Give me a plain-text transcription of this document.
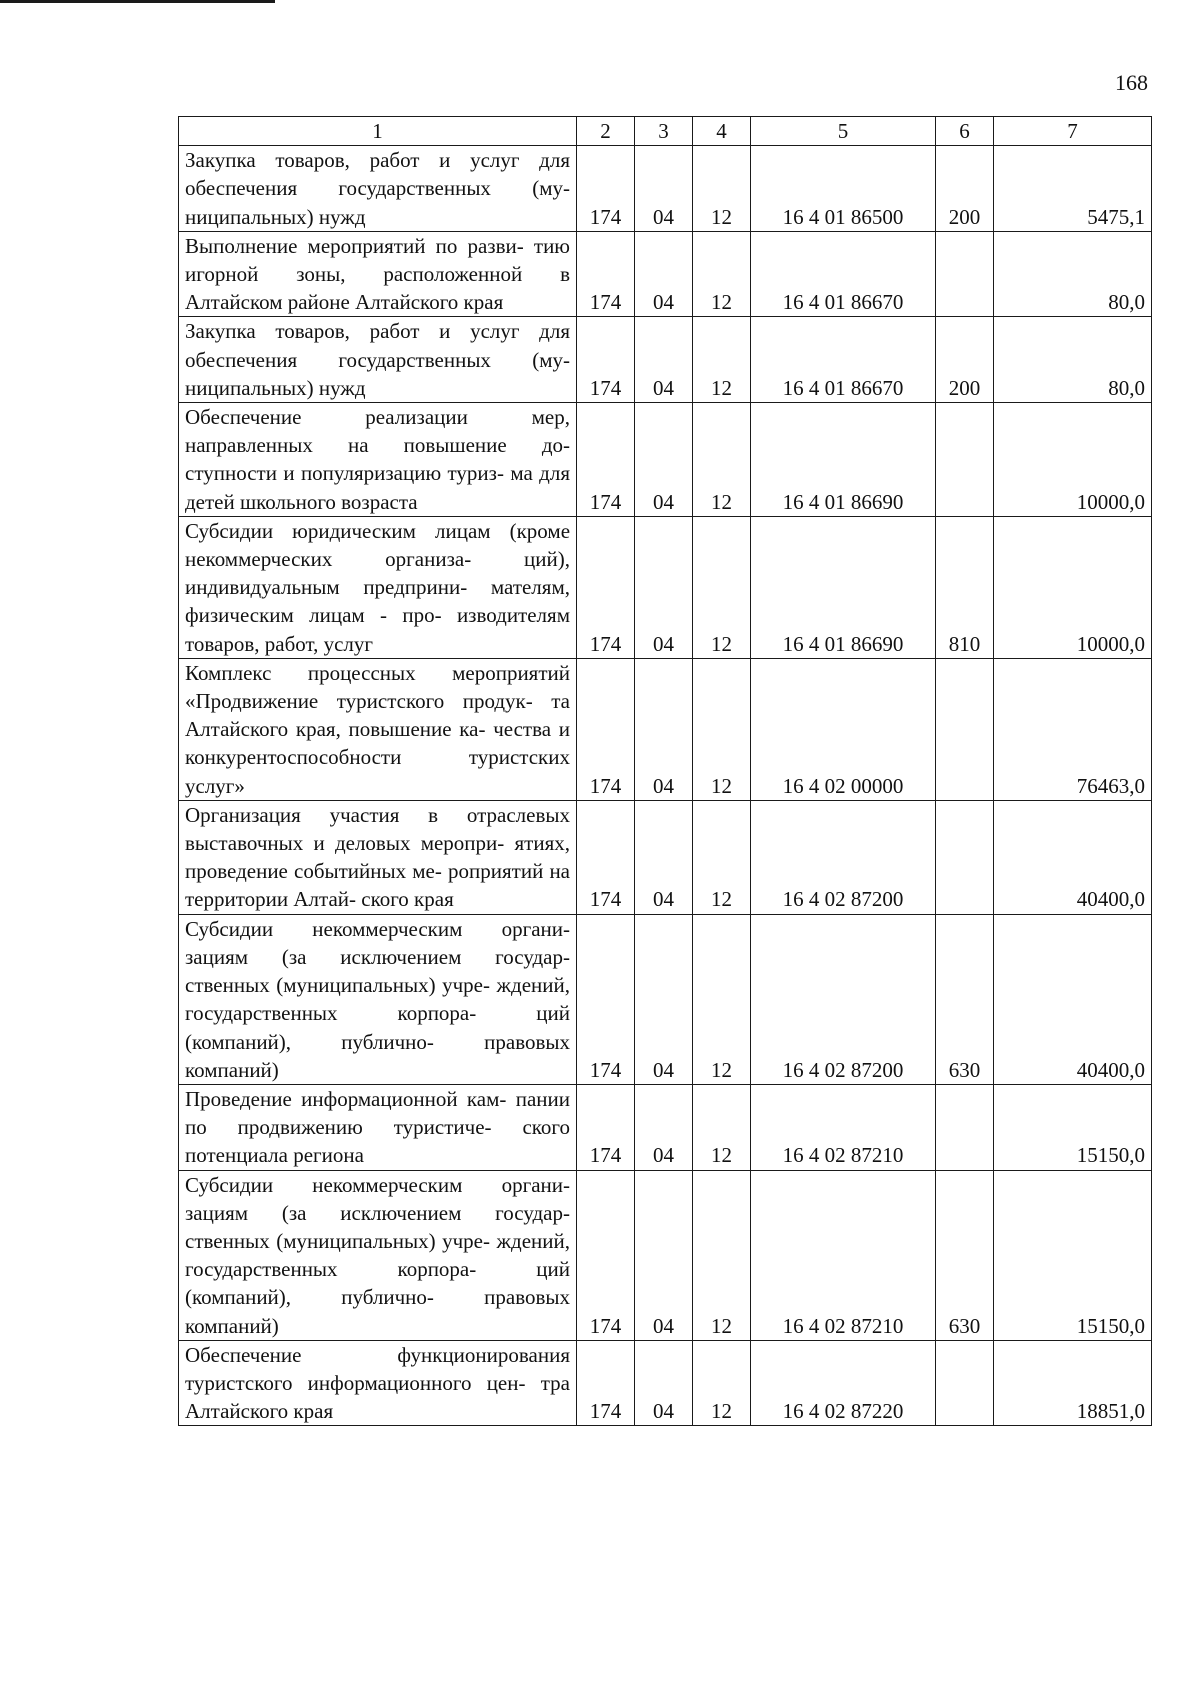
168
1	2	3	4	5	6	7
Закупка товаров, работ и услуг для обеспечения государственных (му- ниципальных) нужд	174	04	12	16 4 01 86500	200	5475,1
Выполнение мероприятий по разви- тию игорной зоны, расположенной в Алтайском районе Алтайского края	174	04	12	16 4 01 86670		80,0
Закупка товаров, работ и услуг для обеспечения государственных (му- ниципальных) нужд	174	04	12	16 4 01 86670	200	80,0
Обеспечение реализации мер, направленных на повышение до- ступности и популяризацию туриз- ма для детей школьного возраста	174	04	12	16 4 01 86690		10000,0
Субсидии юридическим лицам (кроме некоммерческих организа- ций), индивидуальным предприни- мателям, физическим лицам - про- изводителям товаров, работ, услуг	174	04	12	16 4 01 86690	810	10000,0
Комплекс процессных мероприятий «Продвижение туристского продук- та Алтайского края, повышение ка- чества и конкурентоспособности туристских услуг»	174	04	12	16 4 02 00000		76463,0
Организация участия в отраслевых выставочных и деловых меропри- ятиях, проведение событийных ме- роприятий на территории Алтай- ского края	174	04	12	16 4 02 87200		40400,0
Субсидии некоммерческим органи- зациям (за исключением государ- ственных (муниципальных) учре- ждений, государственных корпора- ций (компаний), публично- правовых компаний)	174	04	12	16 4 02 87200	630	40400,0
Проведение информационной кам- пании по продвижению туристиче- ского потенциала региона	174	04	12	16 4 02 87210		15150,0
Субсидии некоммерческим органи- зациям (за исключением государ- ственных (муниципальных) учре- ждений, государственных корпора- ций (компаний), публично- правовых компаний)	174	04	12	16 4 02 87210	630	15150,0
Обеспечение функционирования туристского информационного цен- тра Алтайского края	174	04	12	16 4 02 87220		18851,0
